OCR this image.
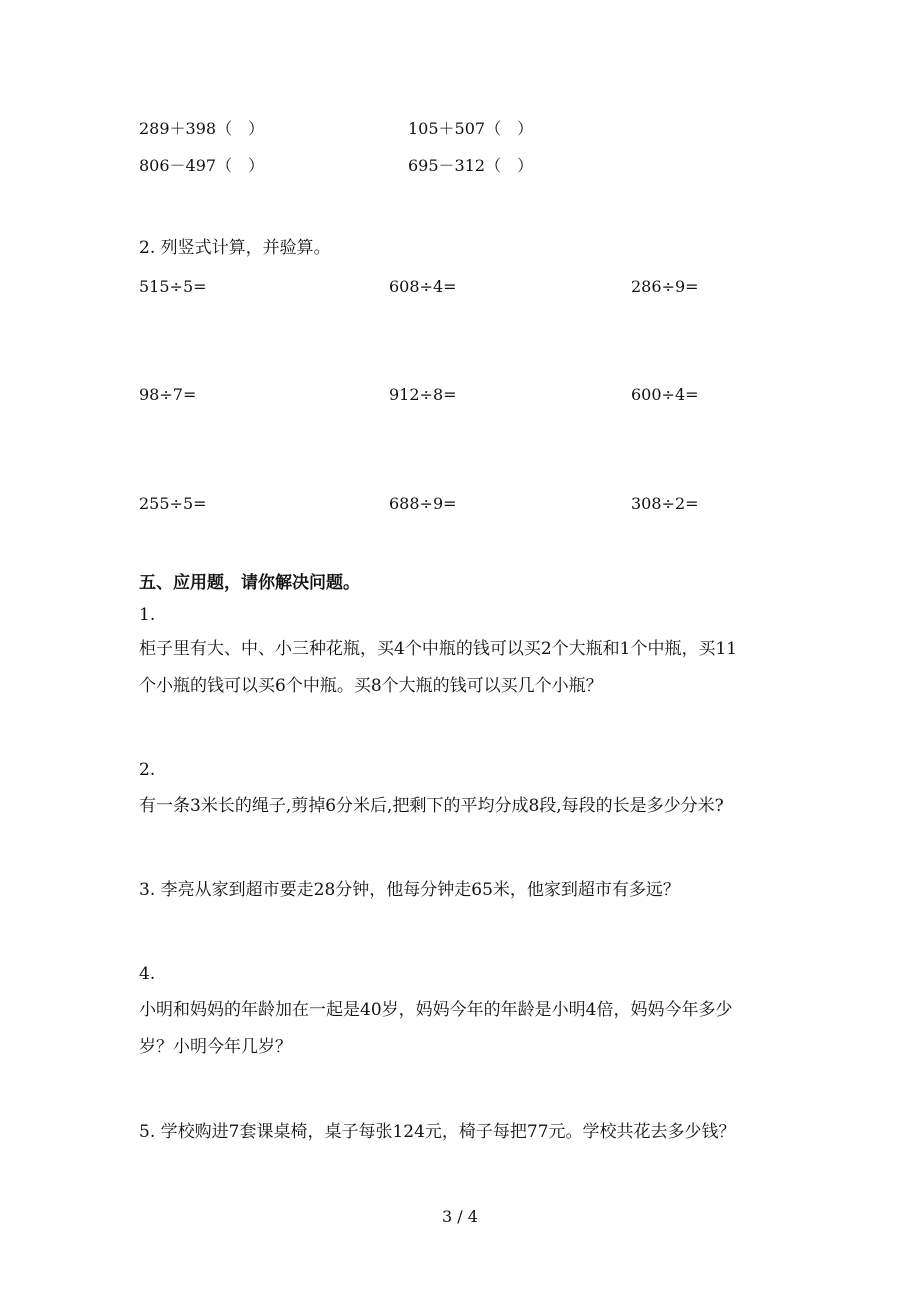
289＋398（　）	105＋507（　）
806－497（　）	695－312（　）
2. 列竖式计算，并验算。
515÷5=	608÷4=	286÷9=
98÷7=	912÷8=	600÷4=
255÷5=	688÷9=	308÷2=
五、应用题，请你解决问题。
1.
柜子里有大、中、小三种花瓶，买4个中瓶的钱可以买2个大瓶和1个中瓶，买11
个小瓶的钱可以买6个中瓶。买8个大瓶的钱可以买几个小瓶？
2.
有一条3米长的绳子,剪掉6分米后,把剩下的平均分成8段,每段的长是多少分米?
3. 李亮从家到超市要走28分钟，他每分钟走65米，他家到超市有多远？
4.
小明和妈妈的年龄加在一起是40岁，妈妈今年的年龄是小明4倍，妈妈今年多少
岁？小明今年几岁？
5. 学校购进7套课桌椅，桌子每张124元，椅子每把77元。学校共花去多少钱？
3 / 4
